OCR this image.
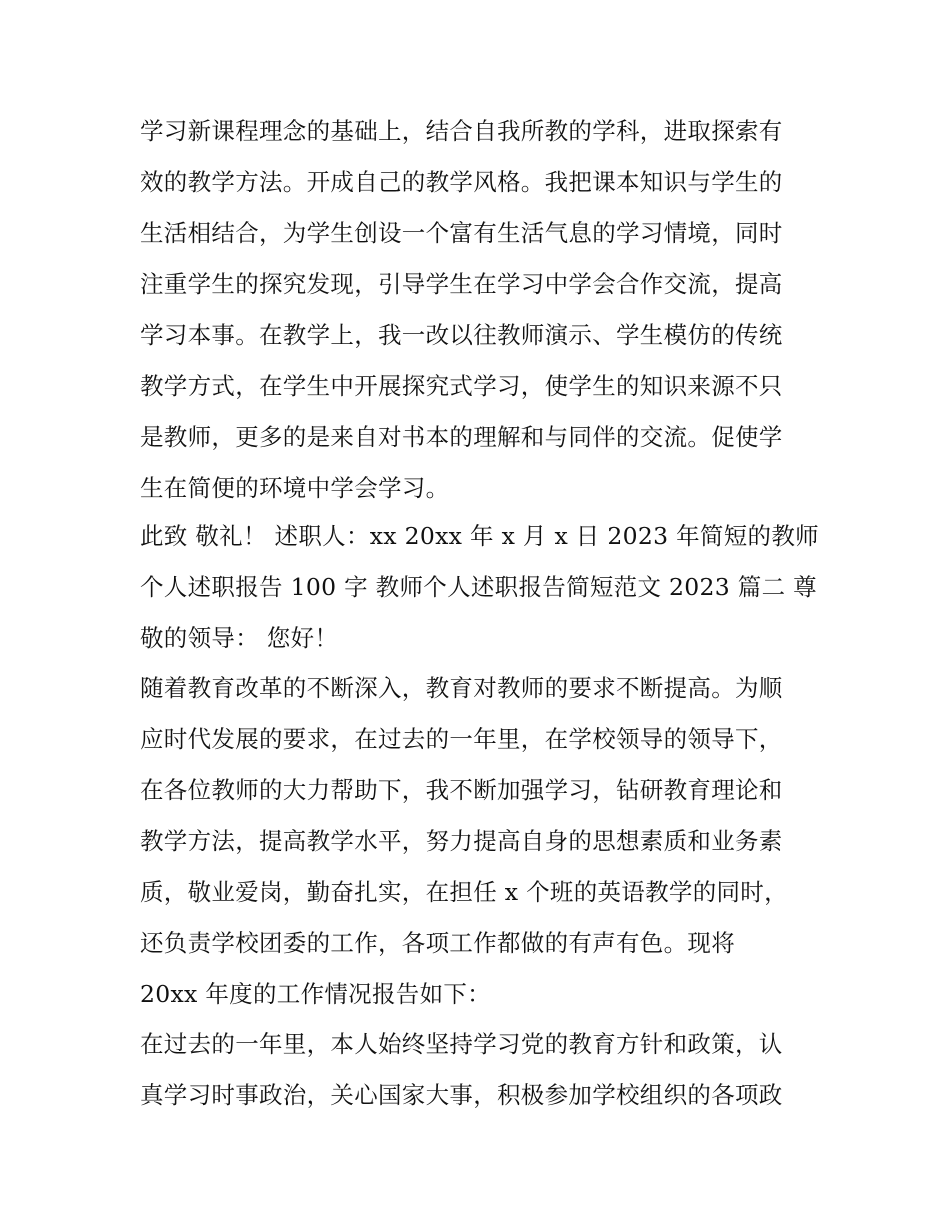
学习新课程理念的基础上，结合自我所教的学科，进取探索有
效的教学方法。开成自己的教学风格。我把课本知识与学生的
生活相结合，为学生创设一个富有生活气息的学习情境，同时
注重学生的探究发现，引导学生在学习中学会合作交流，提高
学习本事。在教学上，我一改以往教师演示、学生模仿的传统
教学方式，在学生中开展探究式学习，使学生的知识来源不只
是教师，更多的是来自对书本的理解和与同伴的交流。促使学
生在简便的环境中学会学习。
此致 敬礼！ 述职人：xx 20xx 年 x 月 x 日 2023 年简短的教师
个人述职报告 100 字 教师个人述职报告简短范文 2023 篇二 尊
敬的领导： 您好！
随着教育改革的不断深入，教育对教师的要求不断提高。为顺
应时代发展的要求，在过去的一年里，在学校领导的领导下，
在各位教师的大力帮助下，我不断加强学习，钻研教育理论和
教学方法，提高教学水平，努力提高自身的思想素质和业务素
质，敬业爱岗，勤奋扎实，在担任 x 个班的英语教学的同时，
还负责学校团委的工作，各项工作都做的有声有色。现将
20xx 年度的工作情况报告如下：
在过去的一年里，本人始终坚持学习党的教育方针和政策，认
真学习时事政治，关心国家大事，积极参加学校组织的各项政
